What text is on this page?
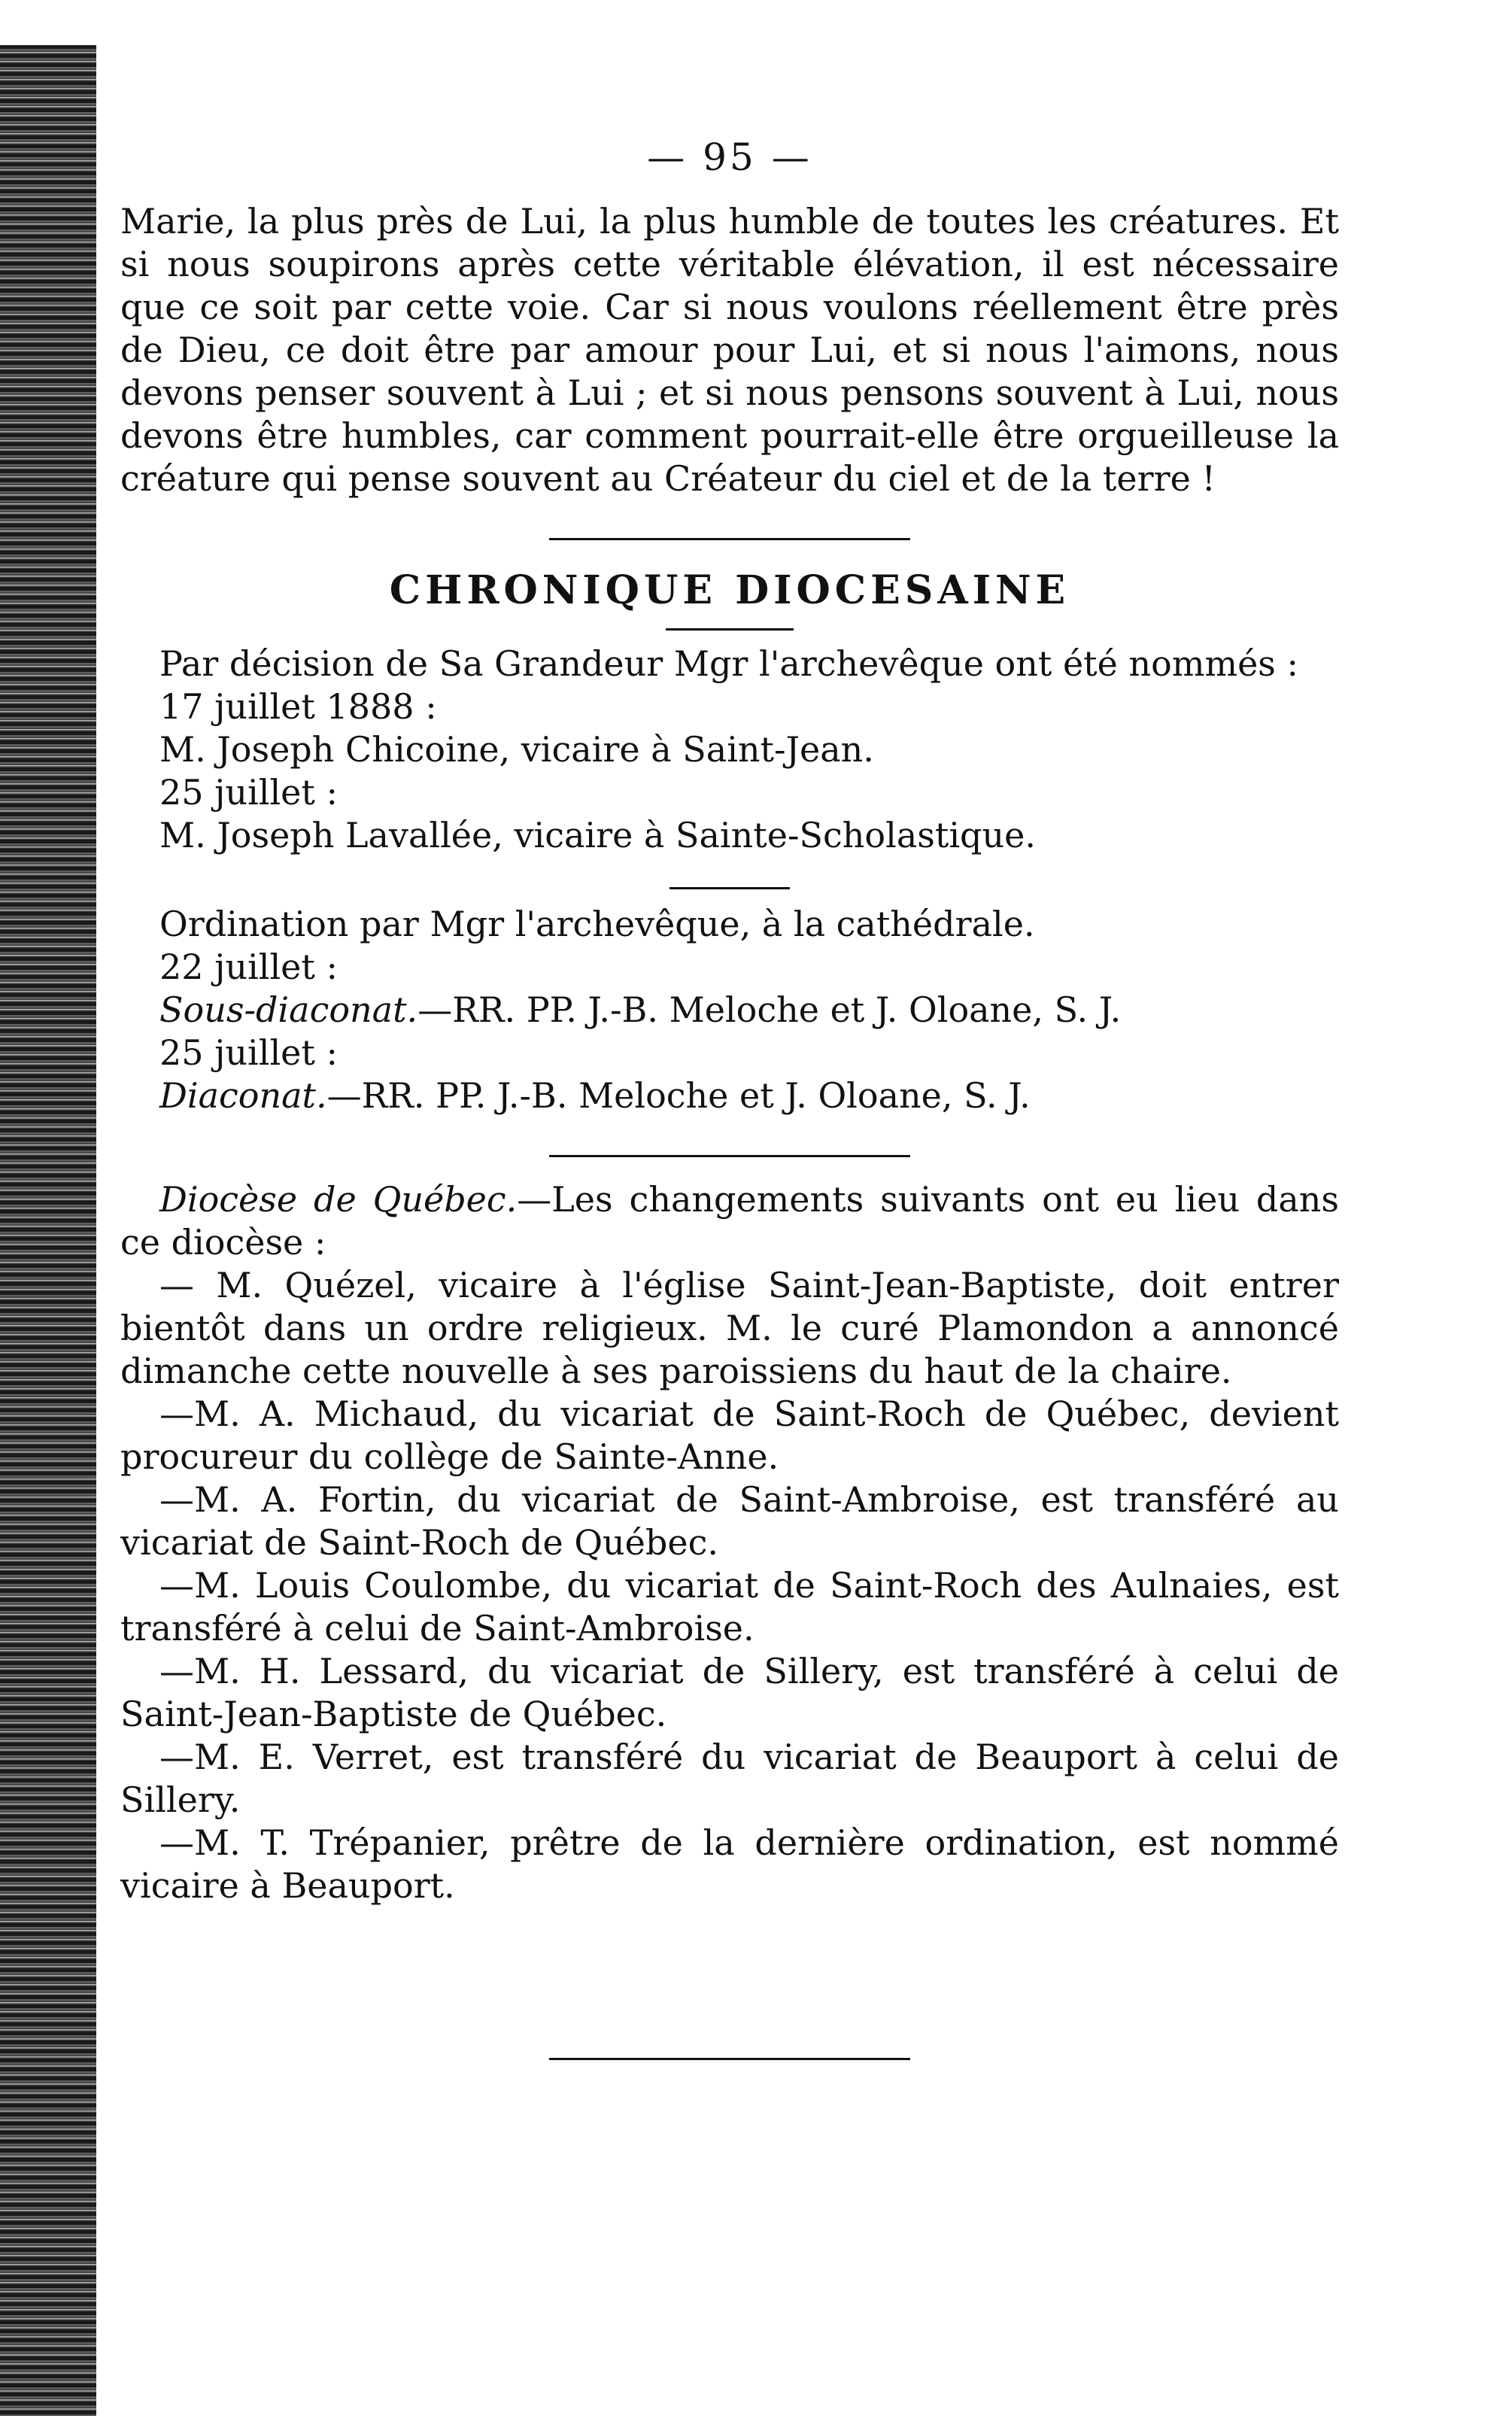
— 95 —
Marie, la plus près de Lui, la plus humble de toutes les créatures. Et si nous soupirons après cette véritable élévation, il est nécessaire que ce soit par cette voie. Car si nous voulons réellement être près de Dieu, ce doit être par amour pour Lui, et si nous l'aimons, nous devons penser souvent à Lui ; et si nous pensons souvent à Lui, nous devons être humbles, car comment pourrait-elle être orgueilleuse la créature qui pense souvent au Créateur du ciel et de la terre !
CHRONIQUE DIOCESAINE
Par décision de Sa Grandeur Mgr l'archevêque ont été nommés :
17 juillet 1888 :
M. Joseph Chicoine, vicaire à Saint-Jean.
25 juillet :
M. Joseph Lavallée, vicaire à Sainte-Scholastique.
Ordination par Mgr l'archevêque, à la cathédrale.
22 juillet :
Sous-diaconat.—RR. PP. J.-B. Meloche et J. Oloane, S. J.
25 juillet :
Diaconat.—RR. PP. J.-B. Meloche et J. Oloane, S. J.
Diocèse de Québec.—Les changements suivants ont eu lieu dans ce diocèse :
— M. Quézel, vicaire à l'église Saint-Jean-Baptiste, doit entrer bientôt dans un ordre religieux. M. le curé Plamondon a annoncé dimanche cette nouvelle à ses paroissiens du haut de la chaire.
—M. A. Michaud, du vicariat de Saint-Roch de Québec, devient procureur du collège de Sainte-Anne.
—M. A. Fortin, du vicariat de Saint-Ambroise, est transféré au vicariat de Saint-Roch de Québec.
—M. Louis Coulombe, du vicariat de Saint-Roch des Aulnaies, est transféré à celui de Saint-Ambroise.
—M. H. Lessard, du vicariat de Sillery, est transféré à celui de Saint-Jean-Baptiste de Québec.
—M. E. Verret, est transféré du vicariat de Beauport à celui de Sillery.
—M. T. Trépanier, prêtre de la dernière ordination, est nommé vicaire à Beauport.
